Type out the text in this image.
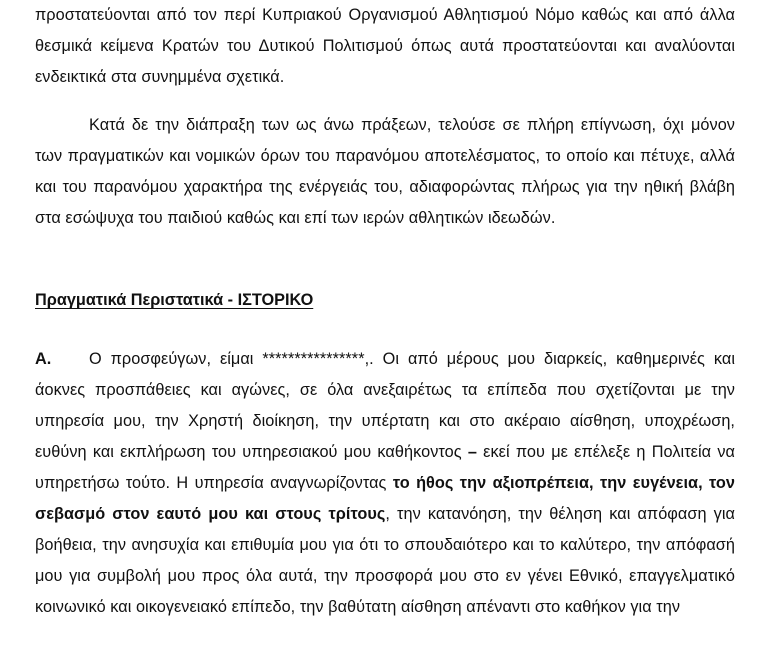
προστατεύονται από τον περί Κυπριακού Οργανισμού Αθλητισμού Νόμο καθώς και από άλλα θεσμικά κείμενα Κρατών του Δυτικού Πολιτισμού όπως αυτά προστατεύονται και αναλύονται ενδεικτικά στα συνημμένα σχετικά.

Κατά δε την διάπραξη των ως άνω πράξεων, τελούσε σε πλήρη επίγνωση, όχι μόνον των πραγματικών και νομικών όρων του παρανόμου αποτελέσματος, το οποίο και πέτυχε, αλλά και του παρανόμου χαρακτήρα της ενέργειάς του, αδιαφορώντας πλήρως για την ηθική βλάβη στα εσώψυχα του παιδιού καθώς και επί των ιερών αθλητικών ιδεωδών.

Πραγματικά Περιστατικά - ΙΣΤΟΡΙΚΟ

Α. Ο προσφεύγων, είμαι ****************,. Οι από μέρους μου διαρκείς, καθημερινές και άοκνες προσπάθειες και αγώνες, σε όλα ανεξαιρέτως τα επίπεδα που σχετίζονται με την υπηρεσία μου, την Χρηστή διοίκηση, την υπέρτατη και στο ακέραιο αίσθηση, υποχρέωση, ευθύνη και εκπλήρωση του υπηρεσιακού μου καθήκοντος – εκεί που με επέλεξε η Πολιτεία να υπηρετήσω τούτο. Η υπηρεσία αναγνωρίζοντας το ήθος την αξιοπρέπεια, την ευγένεια, τον σεβασμό στον εαυτό μου και στους τρίτους, την κατανόηση, την θέληση και απόφαση για βοήθεια, την ανησυχία και επιθυμία μου για ότι το σπουδαιότερο και το καλύτερο, την απόφασή μου για συμβολή μου προς όλα αυτά, την προσφορά μου στο εν γένει Εθνικό, επαγγελματικό κοινωνικό και οικογενειακό επίπεδο, την βαθύτατη αίσθηση απέναντι στο καθήκον για την
